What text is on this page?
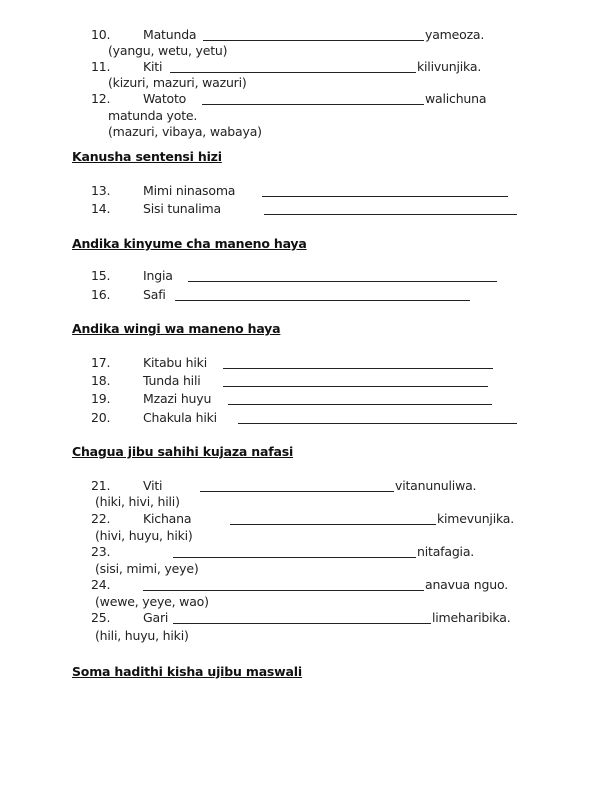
10.	Matunda	yameoza.
(yangu, wetu, yetu)
11.	Kiti	kilivunjika.
(kizuri, mazuri, wazuri)
12.	Watoto	walichuna
matunda yote.
(mazuri, vibaya, wabaya)
Kanusha sentensi hizi
13.	Mimi ninasoma
14.	Sisi tunalima
Andika kinyume cha maneno haya
15.	Ingia
16.	Safi
Andika wingi wa maneno haya
17.	Kitabu hiki
18.	Tunda hili
19.	Mzazi huyu
20.	Chakula hiki
Chagua jibu sahihi kujaza nafasi
21.	Viti	vitanunuliwa.
(hiki, hivi, hili)
22.	Kichana	kimevunjika.
(hivi, huyu, hiki)
23.	nitafagia.
(sisi, mimi, yeye)
24.	anavua nguo.
(wewe, yeye, wao)
25.	Gari	limeharibika.
(hili, huyu, hiki)
Soma hadithi kisha ujibu maswali
